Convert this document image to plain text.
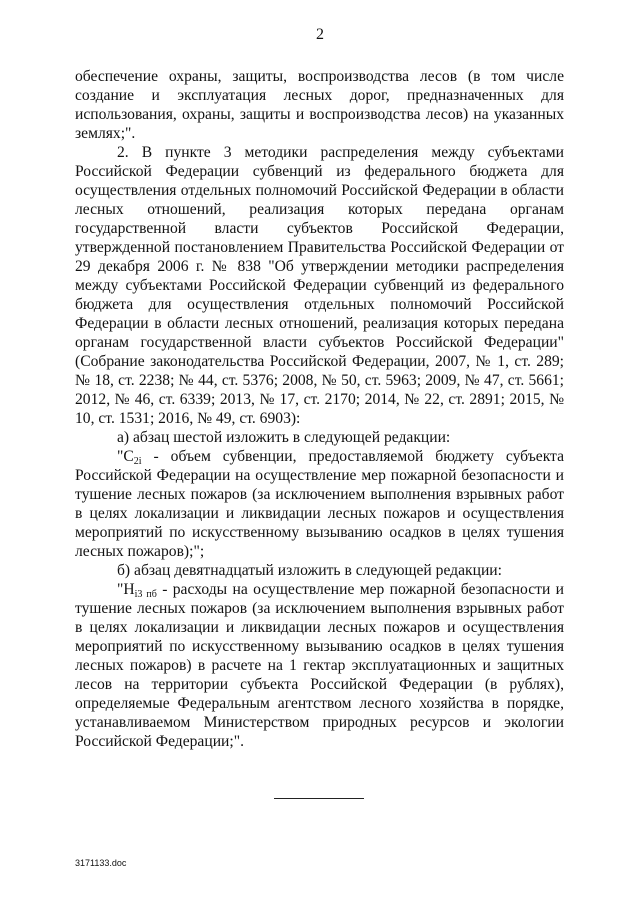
2

обеспечение охраны, защиты, воспроизводства лесов (в том числе создание и эксплуатация лесных дорог, предназначенных для использования, охраны, защиты и воспроизводства лесов) на указанных землях;".

2. В пункте 3 методики распределения между субъектами Российской Федерации субвенций из федерального бюджета для осуществления отдельных полномочий Российской Федерации в области лесных отношений, реализация которых передана органам государственной власти субъектов Российской Федерации, утвержденной постановлением Правительства Российской Федерации от 29 декабря 2006 г. № 838 "Об утверждении методики распределения между субъектами Российской Федерации субвенций из федерального бюджета для осуществления отдельных полномочий Российской Федерации в области лесных отношений, реализация которых передана органам государственной власти субъектов Российской Федерации" (Собрание законодательства Российской Федерации, 2007, № 1, ст. 289; № 18, ст. 2238; № 44, ст. 5376; 2008, № 50, ст. 5963; 2009, № 47, ст. 5661; 2012, № 46, ст. 6339; 2013, № 17, ст. 2170; 2014, № 22, ст. 2891; 2015, № 10, ст. 1531; 2016, № 49, ст. 6903):

а) абзац шестой изложить в следующей редакции:

"$С_{2i}$ - объем субвенции, предоставляемой бюджету субъекта Российской Федерации на осуществление мер пожарной безопасности и тушение лесных пожаров (за исключением выполнения взрывных работ в целях локализации и ликвидации лесных пожаров и осуществления мероприятий по искусственному вызыванию осадков в целях тушения лесных пожаров);";

б) абзац девятнадцатый изложить в следующей редакции:

"$Н_{i3 пб}$ - расходы на осуществление мер пожарной безопасности и тушение лесных пожаров (за исключением выполнения взрывных работ в целях локализации и ликвидации лесных пожаров и осуществления мероприятий по искусственному вызыванию осадков в целях тушения лесных пожаров) в расчете на 1 гектар эксплуатационных и защитных лесов на территории субъекта Российской Федерации (в рублях), определяемые Федеральным агентством лесного хозяйства в порядке, устанавливаемом Министерством природных ресурсов и экологии Российской Федерации;".

3171133.doc
